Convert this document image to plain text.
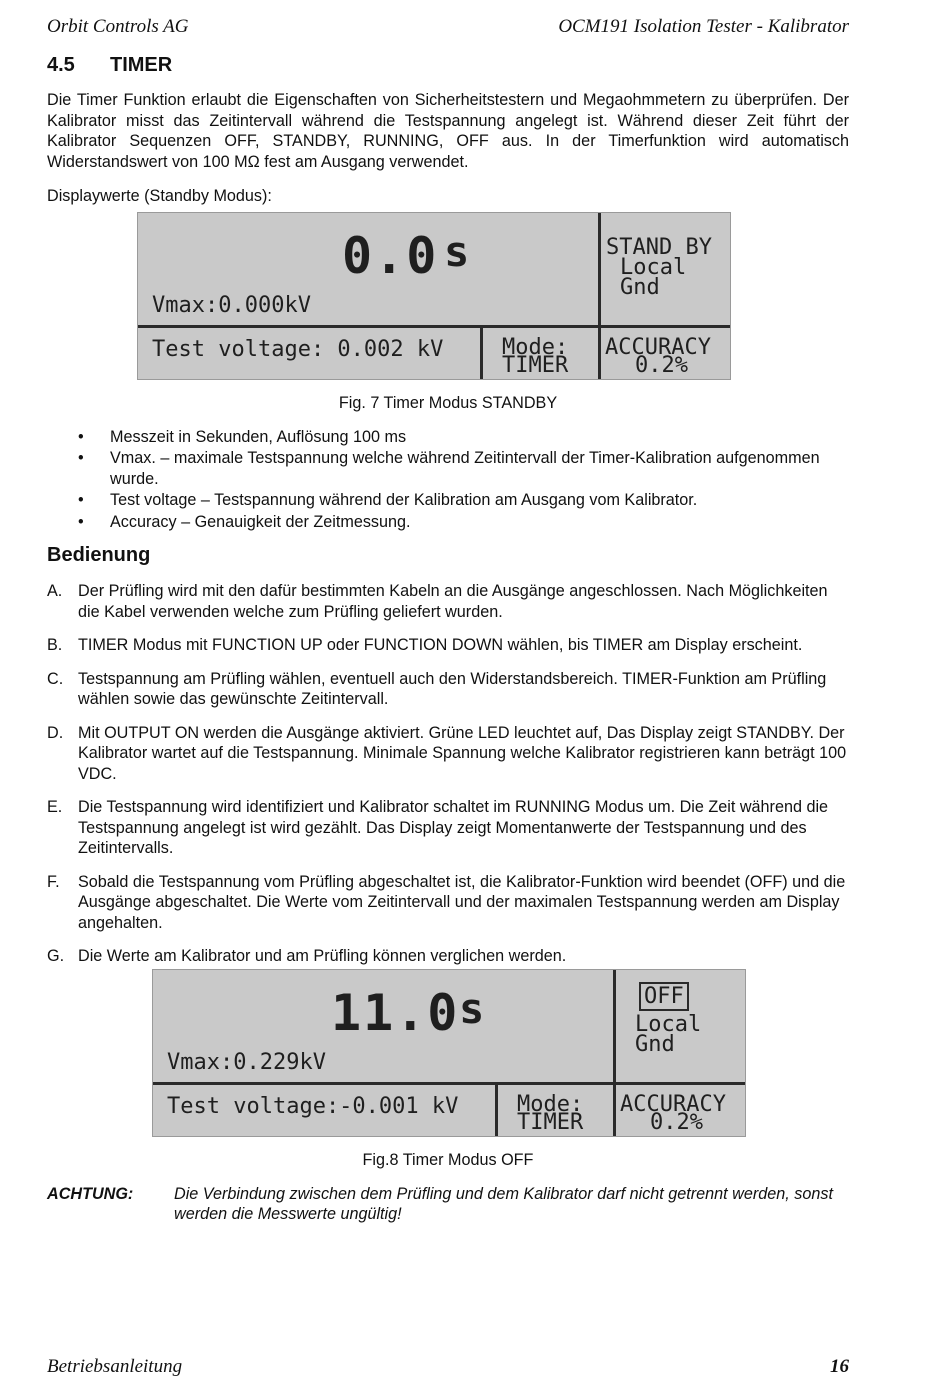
Orbit Controls AG	OCM191 Isolation Tester - Kalibrator
4.5	TIMER

Die Timer Funktion erlaubt die Eigenschaften von Sicherheitstestern und Megaohmmetern zu überprüfen. Der Kalibrator misst das Zeitintervall während die Testspannung angelegt ist. Während dieser Zeit führt der Kalibrator Sequenzen OFF, STANDBY, RUNNING, OFF aus. In der Timerfunktion wird automatisch Widerstandswert von 100 MΩ fest am Ausgang verwendet.

Displaywerte (Standby Modus):

0.0 s
Vmax:0.000kV
STAND BY
Local
Gnd
Test voltage: 0.002 kV	Mode:
TIMER
ACCURACY
0.2%
Fig. 7 Timer Modus STANDBY
• Messzeit in Sekunden, Auflösung 100 ms
• Vmax. – maximale Testspannung welche während Zeitintervall der Timer-Kalibration aufgenommen wurde.
• Test voltage – Testspannung während der Kalibration am Ausgang vom Kalibrator.
• Accuracy – Genauigkeit der Zeitmessung.
Bedienung
A. Der Prüfling wird mit den dafür bestimmten Kabeln an die Ausgänge angeschlossen. Nach Möglichkeiten die Kabel verwenden welche zum Prüfling geliefert wurden.
B. TIMER Modus mit FUNCTION UP oder FUNCTION DOWN wählen, bis TIMER am Display erscheint.
C. Testspannung am Prüfling wählen, eventuell auch den Widerstandsbereich. TIMER-Funktion am Prüfling wählen sowie das gewünschte Zeitintervall.
D. Mit OUTPUT ON werden die Ausgänge aktiviert. Grüne LED leuchtet auf, Das Display zeigt STANDBY. Der Kalibrator wartet auf die Testspannung. Minimale Spannung welche Kalibrator registrieren kann beträgt 100 VDC.
E. Die Testspannung wird identifiziert und Kalibrator schaltet im RUNNING Modus um. Die Zeit während die Testspannung angelegt ist wird gezählt. Das Display zeigt Momentanwerte der Testspannung und des Zeitintervalls.
F.	Sobald die Testspannung vom Prüfling abgeschaltet ist, die Kalibrator-Funktion wird beendet (OFF) und die Ausgänge abgeschaltet. Die Werte vom Zeitintervall und der maximalen Testspannung werden am Display angehalten.
G. Die Werte am Kalibrator und am Prüfling können verglichen werden.
11.0 s
Vmax:0.229kV
OFF
Local
Gnd
Test voltage:-0.001 kV	Mode:
TIMER
ACCURACY
0.2%
Fig.8 Timer Modus OFF
ACHTUNG:	Die Verbindung zwischen dem Prüfling und dem Kalibrator darf nicht getrennt werden, sonst werden die Messwerte ungültig!
Betriebsanleitung	16
